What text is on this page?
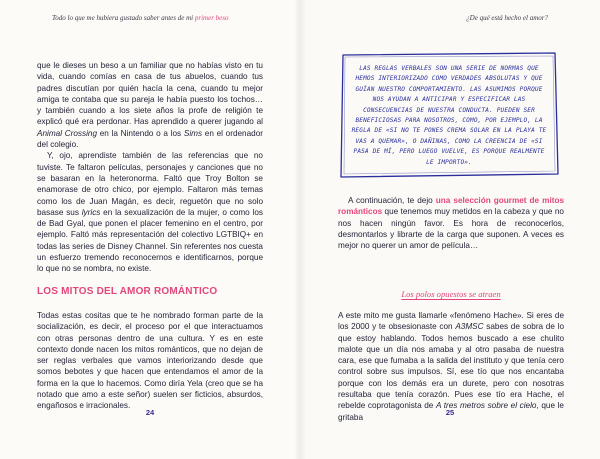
Todo lo que me hubiera gustado saber antes de mi primer beso

que le dieses un beso a un familiar que no habías visto en tu vida, cuando comías en casa de tus abuelos, cuando tus padres discutían por quién hacía la cena, cuando tu mejor amiga te contaba que su pareja le había puesto los tochos… y también cuando a los siete años la profe de religión te explicó qué era perdonar. Has aprendido a querer jugando al Animal Crossing en la Nintendo o a los Sims en el ordenador del colegio.

Y, ojo, aprendiste también de las referencias que no tuviste. Te faltaron películas, personajes y canciones que no se basaran en la heteronorma. Faltó que Troy Bolton se enamorase de otro chico, por ejemplo. Faltaron más temas como los de Juan Magán, es decir, reguetón que no solo basase sus lyrics en la sexualización de la mujer, o como los de Bad Gyal, que ponen el placer femenino en el centro, por ejemplo. Faltó más representación del colectivo LGTBIQ+ en todas las series de Disney Channel. Sin referentes nos cuesta un esfuerzo tremendo reconocernos e identificarnos, porque lo que no se nombra, no existe.

LOS MITOS DEL AMOR ROMÁNTICO

Todas estas cositas que te he nombrado forman parte de la socialización, es decir, el proceso por el que interactuamos con otras personas dentro de una cultura. Y es en este contexto donde nacen los mitos románticos, que no dejan de ser reglas verbales que vamos interiorizando desde que somos bebotes y que hacen que entendamos el amor de la forma en la que lo hacemos. Como diría Yela (creo que se ha notado que amo a este señor) suelen ser ficticios, absurdos, engañosos e irracionales.

24
¿De qué está hecho el amor?
LAS REGLAS VERBALES SON UNA SERIE DE NORMAS QUE HEMOS INTERIORIZADO COMO VERDADES ABSOLUTAS Y QUE GUÍAN NUESTRO COMPORTAMIENTO. LAS ASUMIMOS PORQUE NOS AYUDAN A ANTICIPAR Y ESPECIFICAR LAS CONSECUENCIAS DE NUESTRA CONDUCTA. PUEDEN SER BENEFICIOSAS PARA NOSOTROS, COMO, POR EJEMPLO, LA REGLA DE «SI NO TE PONES CREMA SOLAR EN LA PLAYA TE VAS A QUEMAR», O DAÑINAS, COMO LA CREENCIA DE «SI PASA DE MÍ, PERO LUEGO VUELVE, ES PORQUE REALMENTE LE IMPORTO».

A continuación, te dejo una selección gourmet de mitos románticos que tenemos muy metidos en la cabeza y que no nos hacen ningún favor. Es hora de reconocerlos, desmontarlos y librarte de la carga que suponen. A veces es mejor no querer un amor de película…

Los polos opuestos se atraen

A este mito me gusta llamarle «fenómeno Hache». Si eres de los 2000 y te obsesionaste con A3MSC sabes de sobra de lo que estoy hablando. Todos hemos buscado a ese chulito malote que un día nos amaba y al otro pasaba de nuestra cara, ese que fumaba a la salida del instituto y que tenía cero control sobre sus impulsos. Sí, ese tío que nos encantaba porque con los demás era un durete, pero con nosotras resultaba que tenía corazón. Pues ese tío era Hache, el rebelde coprotagonista de A tres metros sobre el cielo, que le gritaba

25
